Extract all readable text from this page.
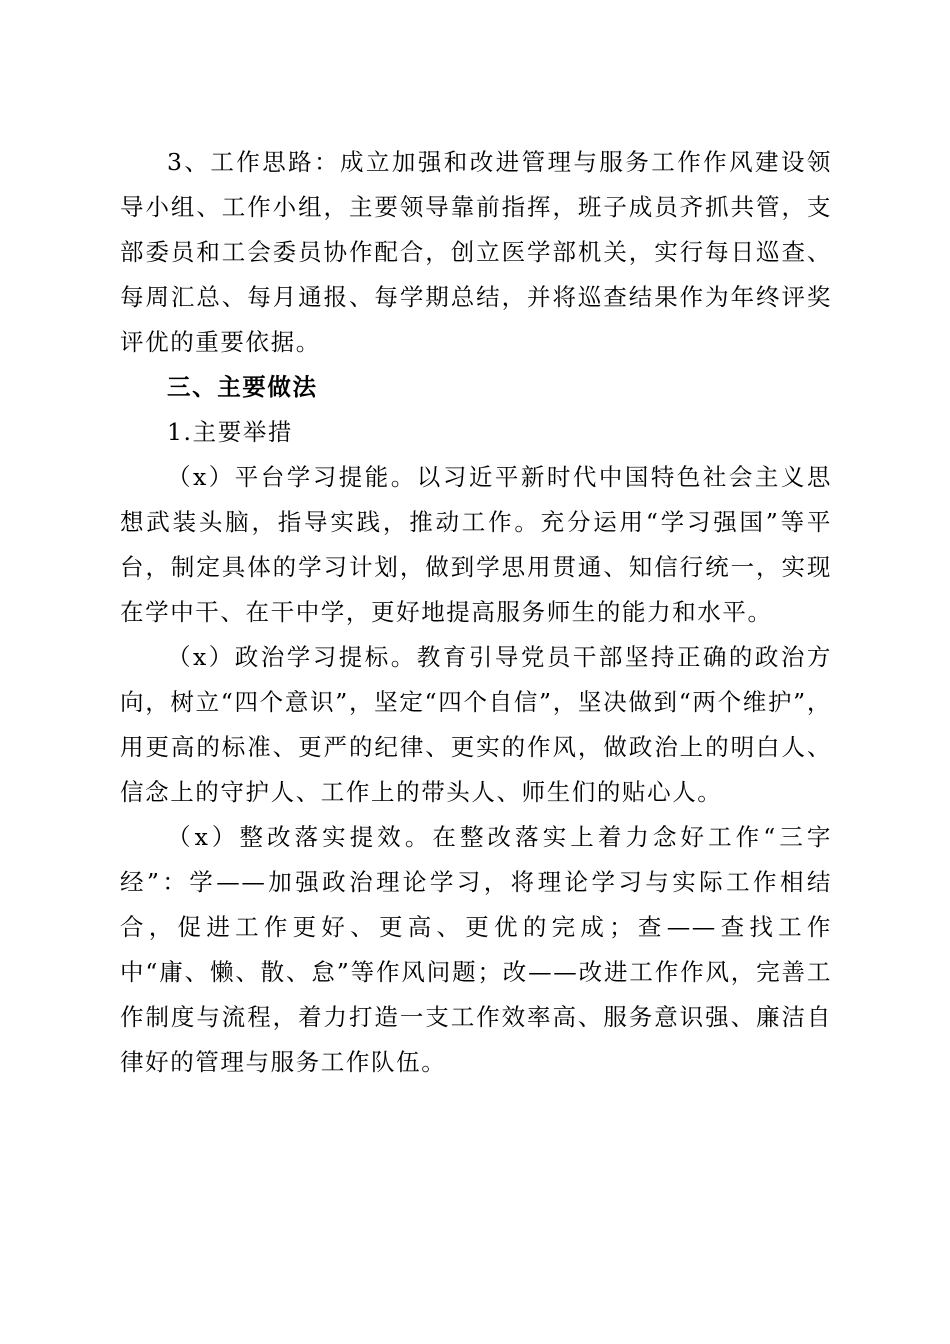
3、工作思路：成立加强和改进管理与服务工作作风建设领导小组、工作小组，主要领导靠前指挥，班子成员齐抓共管，支部委员和工会委员协作配合，创立医学部机关，实行每日巡查、每周汇总、每月通报、每学期总结，并将巡查结果作为年终评奖评优的重要依据。

三、主要做法

1.主要举措

（x）平台学习提能。以习近平新时代中国特色社会主义思想武装头脑，指导实践，推动工作。充分运用“学习强国”等平台，制定具体的学习计划，做到学思用贯通、知信行统一，实现在学中干、在干中学，更好地提高服务师生的能力和水平。

（x）政治学习提标。教育引导党员干部坚持正确的政治方向，树立“四个意识”，坚定“四个自信”，坚决做到“两个维护”，用更高的标准、更严的纪律、更实的作风，做政治上的明白人、信念上的守护人、工作上的带头人、师生们的贴心人。

（x）整改落实提效。在整改落实上着力念好工作“三字经”：学——加强政治理论学习，将理论学习与实际工作相结合，促进工作更好、更高、更优的完成；查——查找工作中“庸、懒、散、怠”等作风问题；改——改进工作作风，完善工作制度与流程，着力打造一支工作效率高、服务意识强、廉洁自律好的管理与服务工作队伍。
